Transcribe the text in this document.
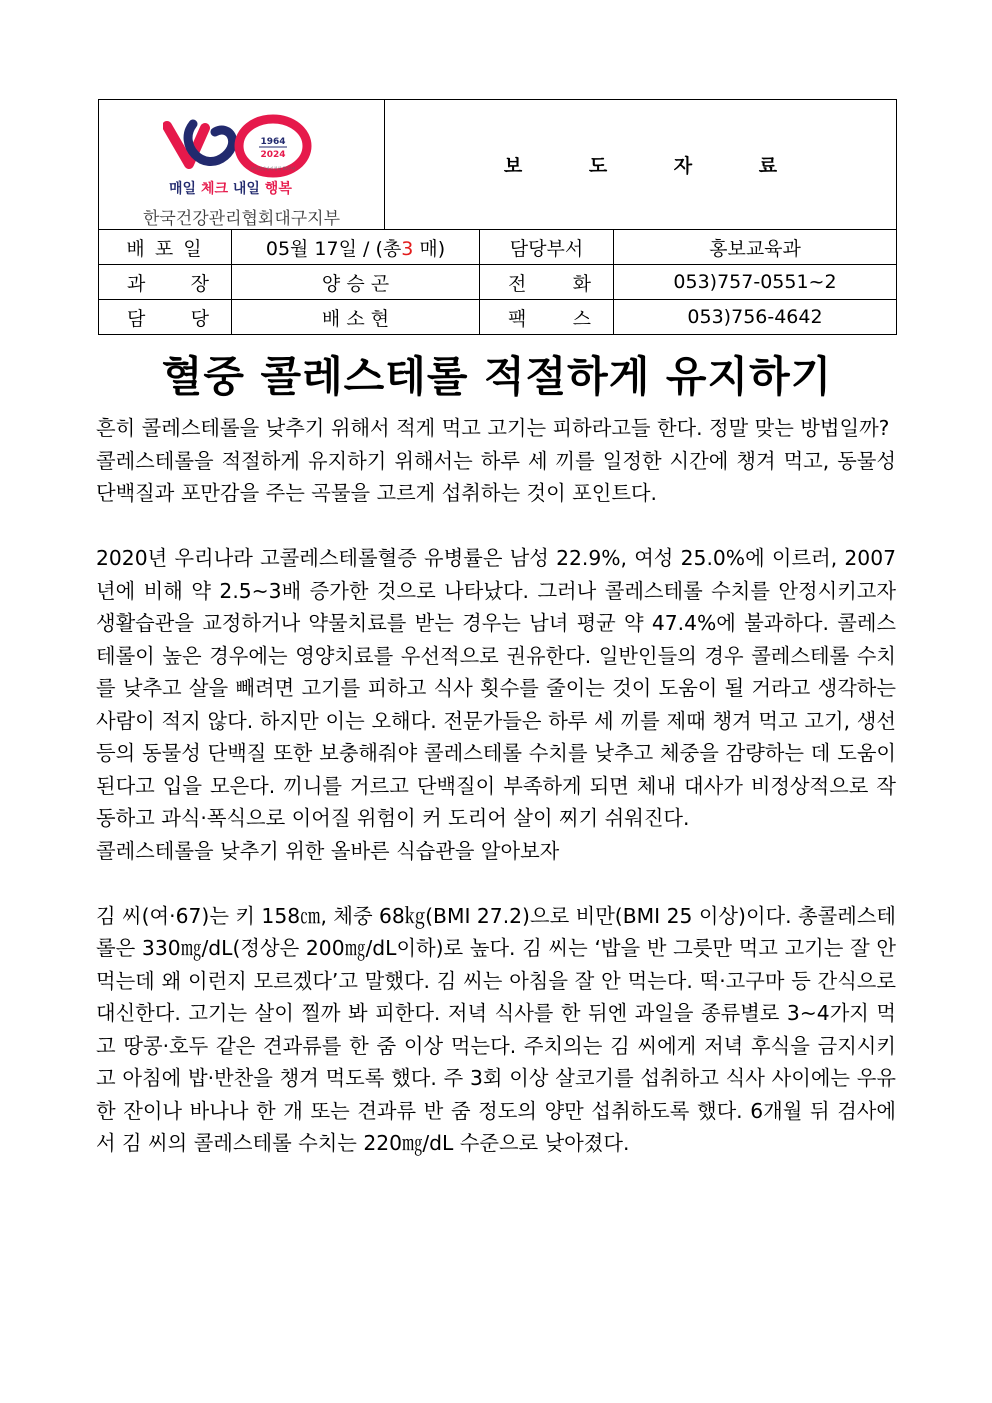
1964
2024
한국건강관리협회 60주년
매일 체크 내일 행복
한국건강관리협회대구지부		보 도 자 료		
배 포 일	05월 17일 / (총3 매)		담당부서	홍보교육과

과 장	양 승 곤		전 화	053)757-0551~2

담 당	배 소 현		팩 스	053)756-4642
혈중 콜레스테롤 적절하게 유지하기

흔히 콜레스테롤을 낮추기 위해서 적게 먹고 고기는 피하라고들 한다. 정말 맞는 방법일까?

콜레스테롤을 적절하게 유지하기 위해서는 하루 세 끼를 일정한 시간에 챙겨 먹고, 동물성 단백질과 포만감을 주는 곡물을 고르게 섭취하는 것이 포인트다.

2020년 우리나라 고콜레스테롤혈증 유병률은 남성 22.9%, 여성 25.0%에 이르러, 2007년에 비해 약 2.5~3배 증가한 것으로 나타났다. 그러나 콜레스테롤 수치를 안정시키고자 생활습관을 교정하거나 약물치료를 받는 경우는 남녀 평균 약 47.4%에 불과하다. 콜레스테롤이 높은 경우에는 영양치료를 우선적으로 권유한다. 일반인들의 경우 콜레스테롤 수치를 낮추고 살을 빼려면 고기를 피하고 식사 횟수를 줄이는 것이 도움이 될 거라고 생각하는 사람이 적지 않다. 하지만 이는 오해다. 전문가들은 하루 세 끼를 제때 챙겨 먹고 고기, 생선 등의 동물성 단백질 또한 보충해줘야 콜레스테롤 수치를 낮추고 체중을 감량하는 데 도움이 된다고 입을 모은다. 끼니를 거르고 단백질이 부족하게 되면 체내 대사가 비정상적으로 작동하고 과식·폭식으로 이어질 위험이 커 도리어 살이 찌기 쉬워진다.

콜레스테롤을 낮추기 위한 올바른 식습관을 알아보자

김 씨(여·67)는 키 158㎝, 체중 68㎏(BMI 27.2)으로 비만(BMI 25 이상)이다. 총콜레스테롤은 330㎎/dL(정상은 200㎎/dL이하)로 높다. 김 씨는 ‘밥을 반 그릇만 먹고 고기는 잘 안 먹는데 왜 이런지 모르겠다’고 말했다. 김 씨는 아침을 잘 안 먹는다. 떡·고구마 등 간식으로 대신한다. 고기는 살이 찔까 봐 피한다. 저녁 식사를 한 뒤엔 과일을 종류별로 3~4가지 먹고 땅콩·호두 같은 견과류를 한 줌 이상 먹는다. 주치의는 김 씨에게 저녁 후식을 금지시키고 아침에 밥·반찬을 챙겨 먹도록 했다. 주 3회 이상 살코기를 섭취하고 식사 사이에는 우유 한 잔이나 바나나 한 개 또는 견과류 반 줌 정도의 양만 섭취하도록 했다. 6개월 뒤 검사에서 김 씨의 콜레스테롤 수치는 220㎎/dL 수준으로 낮아졌다.
